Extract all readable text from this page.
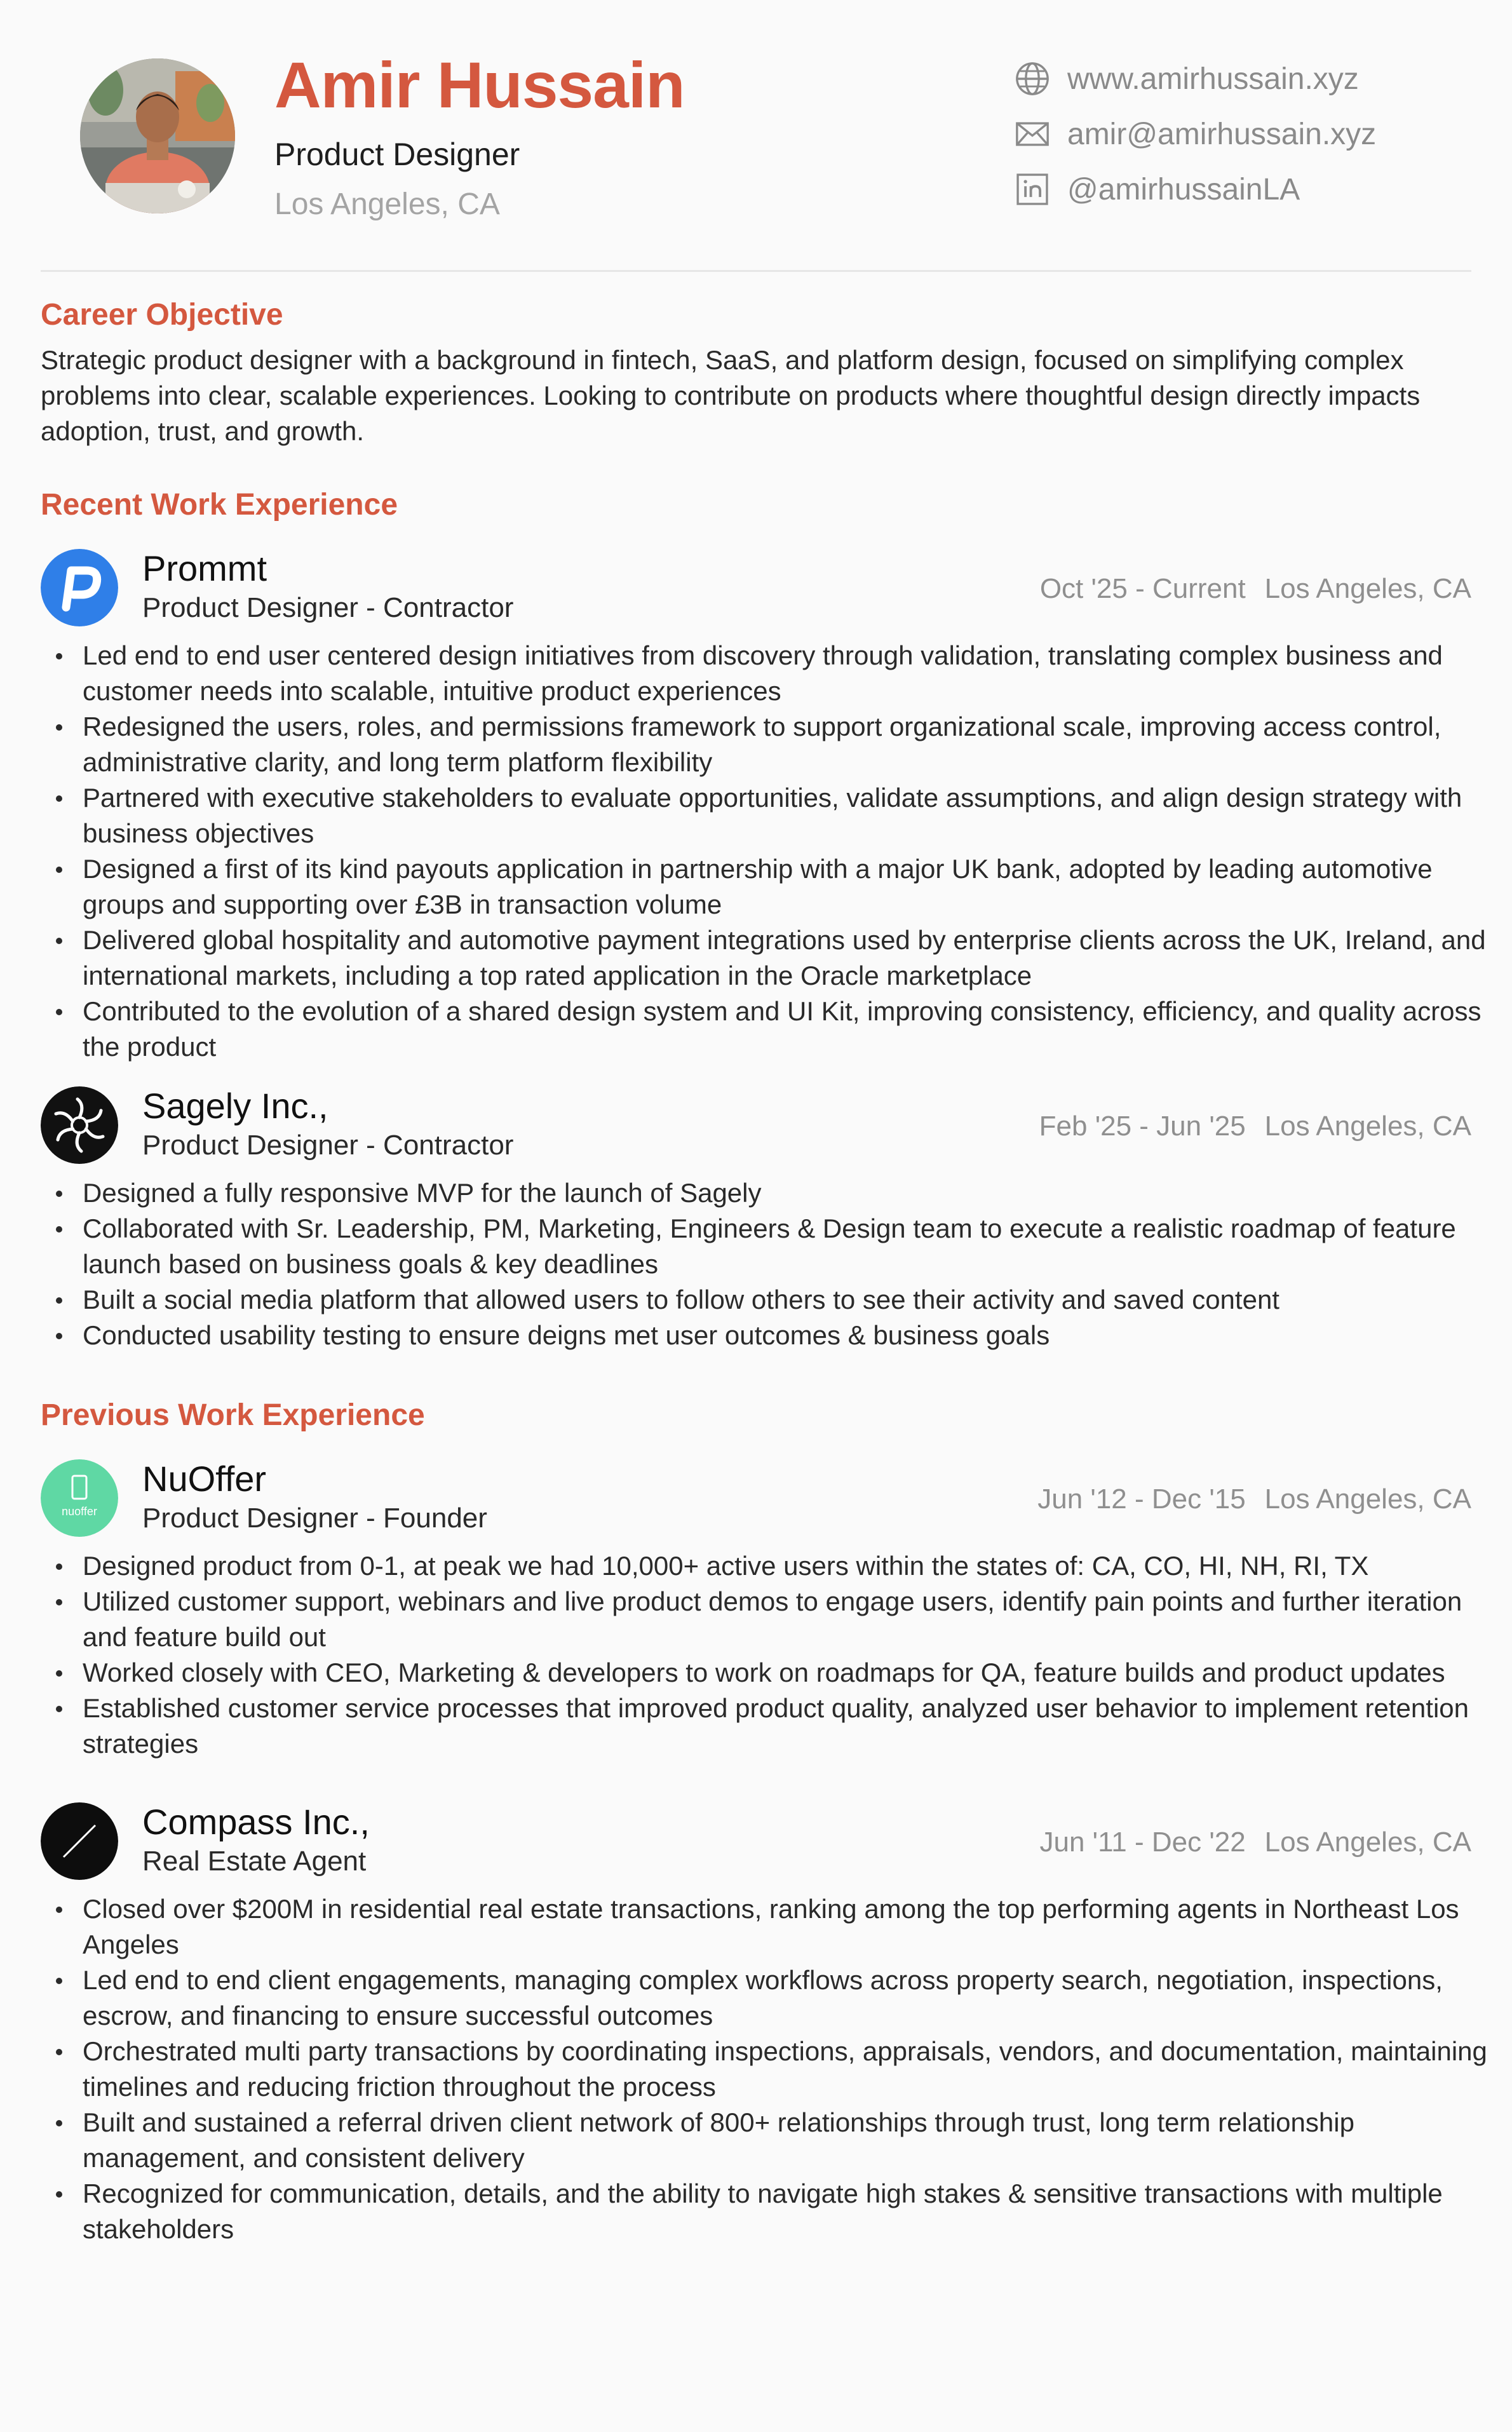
Amir Hussain
Product Designer
Los Angeles, CA
www.amirhussain.xyz
amir@amirhussain.xyz
@amirhussainLA
Career Objective

Strategic product designer with a background in fintech, SaaS, and platform design, focused on simplifying complex problems into clear, scalable experiences. Looking to contribute on products where thoughtful design directly impacts adoption, trust, and growth.

Recent Work Experience
Prommt
Product Designer - Contractor
Oct '25 - Current Los Angeles, CA
Led end to end user centered design initiatives from discovery through validation, translating complex business and customer needs into scalable, intuitive product experiences
Redesigned the users, roles, and permissions framework to support organizational scale, improving access control, administrative clarity, and long term platform flexibility
Partnered with executive stakeholders to evaluate opportunities, validate assumptions, and align design strategy with business objectives
Designed a first of its kind payouts application in partnership with a major UK bank, adopted by leading automotive groups and supporting over £3B in transaction volume
Delivered global hospitality and automotive payment integrations used by enterprise clients across the UK, Ireland, and international markets, including a top rated application in the Oracle marketplace
Contributed to the evolution of a shared design system and UI Kit, improving consistency, efficiency, and quality across the product
Sagely Inc.,
Product Designer - Contractor
Feb '25 - Jun '25 Los Angeles, CA
Designed a fully responsive MVP for the launch of Sagely
Collaborated with Sr. Leadership, PM, Marketing, Engineers & Design team to execute a realistic roadmap of feature launch based on business goals & key deadlines
Built a social media platform that allowed users to follow others to see their activity and saved content
Conducted usability testing to ensure deigns met user outcomes & business goals
Previous Work Experience
nuoffer
NuOffer
Product Designer - Founder
Jun '12 - Dec '15 Los Angeles, CA
Designed product from 0-1, at peak we had 10,000+ active users within the states of: CA, CO, HI, NH, RI, TX
Utilized customer support, webinars and live product demos to engage users, identify pain points and further iteration and feature build out
Worked closely with CEO, Marketing & developers to work on roadmaps for QA, feature builds and product updates
Established customer service processes that improved product quality, analyzed user behavior to implement retention strategies
Compass Inc.,
Real Estate Agent
Jun '11 - Dec '22 Los Angeles, CA
Closed over $200M in residential real estate transactions, ranking among the top performing agents in Northeast Los Angeles
Led end to end client engagements, managing complex workflows across property search, negotiation, inspections, escrow, and financing to ensure successful outcomes
Orchestrated multi party transactions by coordinating inspections, appraisals, vendors, and documentation, maintaining timelines and reducing friction throughout the process
Built and sustained a referral driven client network of 800+ relationships through trust, long term relationship management, and consistent delivery
Recognized for communication, details, and the ability to navigate high stakes & sensitive transactions with multiple stakeholders
